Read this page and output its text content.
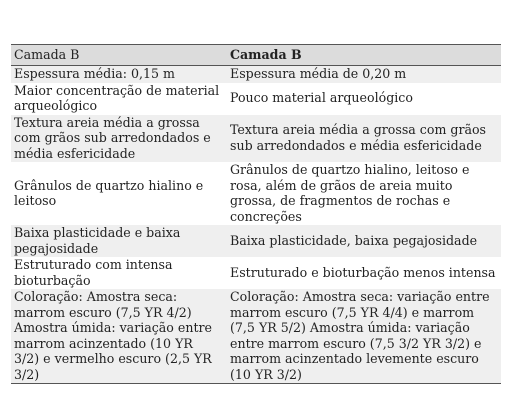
Camada B	Camada B
Espessura média: 0,15 m	Espessura média de 0,20 m
Maior concentração de material arqueológico	Pouco material arqueológico
Textura areia média a grossa com grãos sub arredondados e média esfericidade	Textura areia média a grossa com grãos sub arredondados e média esfericidade
Grânulos de quartzo hialino e leitoso	Grânulos de quartzo hialino, leitoso e rosa, além de grãos de areia muito grossa, de fragmentos de rochas e concreções
Baixa plasticidade e baixa pegajosidade	Baixa plasticidade, baixa pegajosidade
Estruturado com intensa bioturbação	Estruturado e bioturbação menos intensa
Coloração: Amostra seca: marrom escuro (7,5 YR 4/2) Amostra úmida: variação entre marrom acinzentado (10 YR 3/2) e vermelho escuro (2,5 YR 3/2)	Coloração: Amostra seca: variação entre marrom escuro (7,5 YR 4/4) e marrom (7,5 YR 5/2) Amostra úmida: variação entre marrom escuro (7,5 3/2 YR 3/2) e marrom acinzentado levemente escuro (10 YR 3/2)
